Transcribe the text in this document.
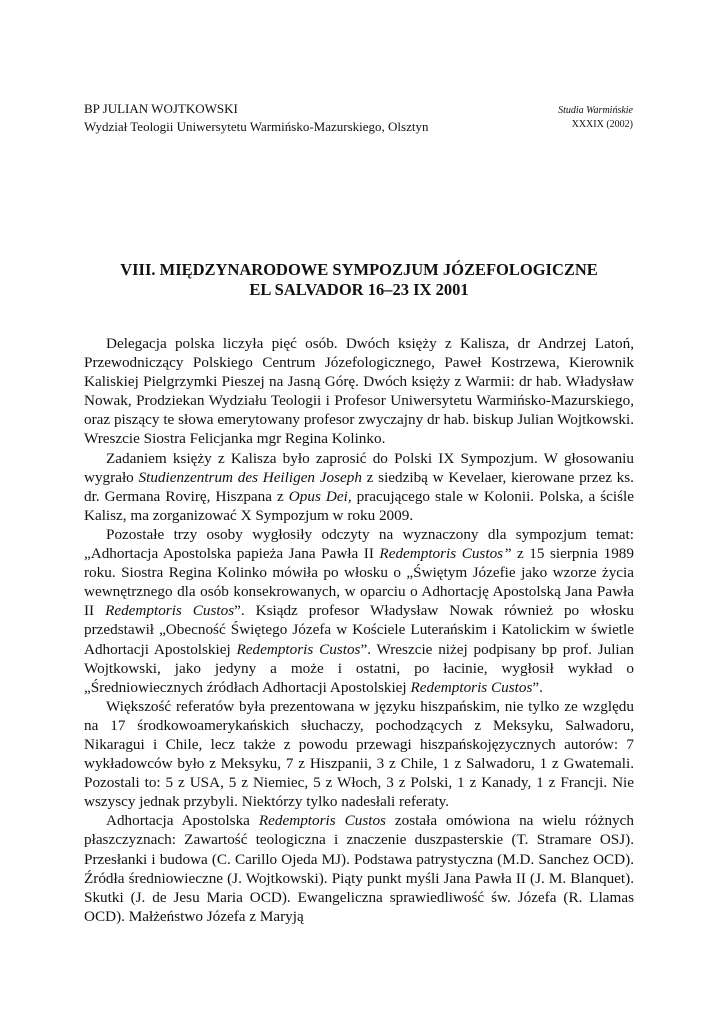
BP JULIAN WOJTKOWSKI
Wydział Teologii Uniwersytetu Warmińsko-Mazurskiego, Olsztyn
Studia Warmińskie
XXXIX (2002)
VIII. MIĘDZYNARODOWE SYMPOZJUM JÓZEFOLOGICZNE
EL SALVADOR 16–23 IX 2001

Delegacja polska liczyła pięć osób. Dwóch księży z Kalisza, dr Andrzej Latoń, Przewodniczący Polskiego Centrum Józefologicznego, Paweł Kostrzewa, Kierownik Kaliskiej Pielgrzymki Pieszej na Jasną Górę. Dwóch księży z Warmii: dr hab. Władysław Nowak, Prodziekan Wydziału Teologii i Profesor Uniwersytetu Warmińsko-Mazurskiego, oraz piszący te słowa emerytowany profesor zwyczajny dr hab. biskup Julian Wojtkowski. Wreszcie Siostra Felicjanka mgr Regina Kolinko.

Zadaniem księży z Kalisza było zaprosić do Polski IX Sympozjum. W głosowaniu wygrało Studienzentrum des Heiligen Joseph z siedzibą w Kevelaer, kierowane przez ks. dr. Germana Rovirę, Hiszpana z Opus Dei, pracującego stale w Kolonii. Polska, a ściśle Kalisz, ma zorganizować X Sympozjum w roku 2009.

Pozostałe trzy osoby wygłosiły odczyty na wyznaczony dla sympozjum temat: „Adhortacja Apostolska papieża Jana Pawła II Redemptoris Custos” z 15 sierpnia 1989 roku. Siostra Regina Kolinko mówiła po włosku o „Świętym Józefie jako wzorze życia wewnętrznego dla osób konsekrowanych, w oparciu o Adhortację Apostolską Jana Pawła II Redemptoris Custos”. Ksiądz profesor Władysław Nowak również po włosku przedstawił „Obecność Świętego Józefa w Kościele Luterańskim i Katolickim w świetle Adhortacji Apostolskiej Redemptoris Custos”. Wreszcie niżej podpisany bp prof. Julian Wojtkowski, jako jedyny a może i ostatni, po łacinie, wygłosił wykład o „Średniowiecznych źródłach Adhortacji Apostolskiej Redemptoris Custos”.

Większość referatów była prezentowana w języku hiszpańskim, nie tylko ze względu na 17 środkowoamerykańskich słuchaczy, pochodzących z Meksyku, Salwadoru, Nikaragui i Chile, lecz także z powodu przewagi hiszpańskojęzycznych autorów: 7 wykładowców było z Meksyku, 7 z Hiszpanii, 3 z Chile, 1 z Salwadoru, 1 z Gwatemali. Pozostali to: 5 z USA, 5 z Niemiec, 5 z Włoch, 3 z Polski, 1 z Kanady, 1 z Francji. Nie wszyscy jednak przybyli. Niektórzy tylko nadesłali referaty.

Adhortacja Apostolska Redemptoris Custos została omówiona na wielu różnych płaszczyznach: Zawartość teologiczna i znaczenie duszpasterskie (T. Stramare OSJ). Przesłanki i budowa (C. Carillo Ojeda MJ). Podstawa patrystyczna (M.D. Sanchez OCD). Źródła średniowieczne (J. Wojtkowski). Piąty punkt myśli Jana Pawła II (J. M. Blanquet). Skutki (J. de Jesu Maria OCD). Ewangeliczna sprawiedliwość św. Józefa (R. Llamas OCD). Małżeństwo Józefa z Maryją
